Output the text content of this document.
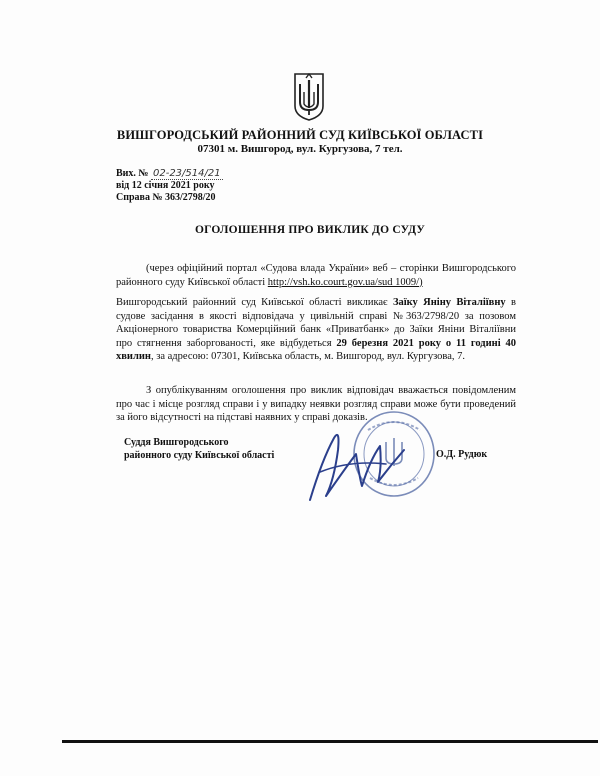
ВИШГОРОДСЬКИЙ РАЙОННИЙ СУД КИЇВСЬКОЇ ОБЛАСТІ
07301 м. Вишгород, вул. Кургузова, 7 тел.
Вих. № 02-23/514/21
від 12 січня 2021 року
Справа № 363/2798/20
ОГОЛОШЕННЯ ПРО ВИКЛИК ДО СУДУ
(через офіційний портал «Судова влада України» веб – сторінки Вишгородського районного суду Київської області http://vsh.ko.court.gov.ua/sud 1009/)
Вишгородський районний суд Київської області викликає Заїку Яніну Віталіївну в судове засідання в якості відповідача у цивільній справі №363/2798/20 за позовом Акціонерного товариства Комерційний банк «Приватбанк» до Заїки Яніни Віталіївни про стягнення заборгованості, яке відбудеться 29 березня 2021 року о 11 годині 40 хвилин, за адресою: 07301, Київська область, м. Вишгород, вул. Кургузова, 7.
З опублікуванням оголошення про виклик відповідач вважається повідомленим про час і місце розгляд справи і у випадку неявки розгляд справи може бути проведений за його відсутності на підставі наявних у справі доказів.
Суддя Вишгородського
районного суду Київської області	О.Д. Рудюк
